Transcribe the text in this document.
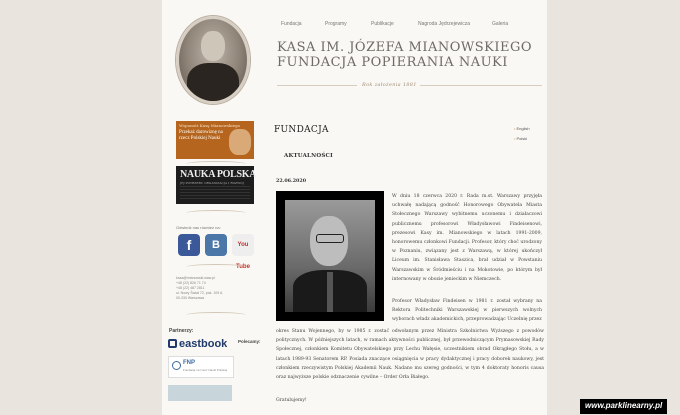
Fundacja	Programy	Publikacje	Nagroda Jędrzejewicza	Galeria
KASA IM. JÓZEFA MIANOWSKIEGO
FUNDACJA POPIERANIA NAUKI
Rok założenia 1881
Wspomóż Kasę Mianowskiego
Przekaż darowiznę na rzecz Polskiej Nauki
NAUKA POLSKA
JEJ POTRZEBY, ORGANIZACJA I ROZWÓJ
Odwiedź nas również na:
f	B	You Tube
kasa@mianowski.waw.pl
+48 (22) 826 71 74
+48 (22) 487 2811
ul. Nowy Świat 72, pok. 109 A
00-330 Warszawa
Partnerzy:
Polecamy:
eastbook
FNP
Fundacja na rzecz Nauki Polskiej
FUNDACJA
•	English
• Polski
AKTUALNOŚCI
22.06.2020
W dniu 18 czerwca 2020 r. Rada m.st. Warszawy przyjęła uchwałę nadającą godność Honorowego Obywatela Miasta Stołecznego Warszawy wybitnemu uczonemu i działaczowi publicznemu profesorowi Władysławowi Findeisenowi, prezesowi Kasy im. Mianowskiego w latach 1991-2009, honorowemu członkowi Fundacji. Profesor, który choć urodzony w Poznaniu, związany jest z Warszawą, w której ukończył Liceum im. Stanisława Staszica, brał udział w Powstaniu Warszawskim w Śródmieściu i na Mokotowie, po którym był internowany w obozie jenieckim w Niemczech.
Profesor Władysław Findeisen w 1981 r. został wybrany na Rektora Politechniki Warszawskiej w pierwszych wolnych wyborach władz akademickich, przeprowadzając Uczelnię przez
okres Stanu Wojennego, by w 1985 r. zostać odwołanym przez Ministra Szkolnictwa Wyższego z powodów politycznych. W późniejszych latach, w ramach aktywności publicznej, był przewodniczącym Prymasowskiej Rady Społecznej, członkiem Komitetu Obywatelskiego przy Lechu Wałęsie, uczestnikiem obrad Okrągłego Stołu, a w latach 1989-93 Senatorem RP. Posiada znaczące osiągnięcia w pracy dydaktycznej i pracy doborek naukowy, jest członkiem rzeczywistym Polskiej Akademii Nauk. Nadano mu szereg godności, w tym 4 doktoraty honoris causa oraz najwyższe polskie odznaczenie cywilne – Order Orła Białego.
Gratulujemy!
www.parklinearny.pl
